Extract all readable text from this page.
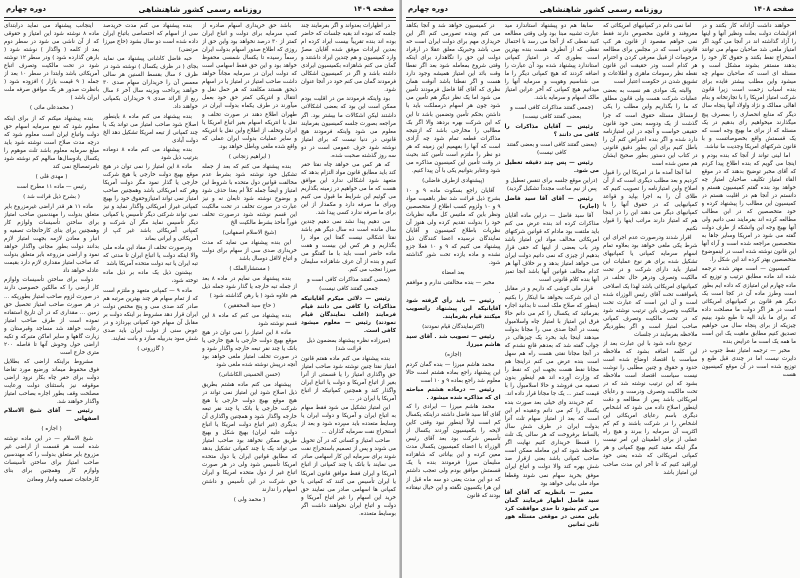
صفحه ۱۴۰۹
روزنامه رسمی کشور شاهنشاهی
دوره چهارم

در اظهارات بعدواند و اگر بفرمایند چند جلسه که نبوده اند بقیه جلسات که حاضر بوده اند بنده تقریباً بیست ایراد کرده ام بعدین ایرادات موفق شده آقایان مصرّ وارد کمیسیون و هم چندین ایراد داشتند و گمان می کنم شاهزاده بکمیسیون ایرادی داشته باشد و اگر در کمیسیون اشکالی فرمودند گمان می کنم خود در آنجا عنوان شود.

بود واینکه فرمودند من در اقلیت بودم ممکن است این بود که بعضی اشکالاتی داشتند لیکن اشکالات ما بیشتر بود. اگر مراجعه بصورت جلسه کمیسیون بفرمایند معلوم می شود واینکه فرمودند هیچ قانونی در دنیا نیست که برای امتیاز نوشته شود حرف عمومی است در دو سه روز گذشته صحبت شده.

که هر کس می خواهد چاه نفتا حفر کند باید مطابق قانون مواد التزام بدهد که متعهد شود اشکالی ندارد این موافق هست که ما می خواهیم در زمینه بگذاریم می گوئیم این شرایط ما قبول می کنیم وبرای ما صرفه دارد و مکمدار از این برای ما صرفه ندارد کسی پیدا شد.

می دهیم پیدا نشد نمی دهیم چندین سال مانده است ده سال دیگر هم باشد نفتا اشکالی نیست گفتا این مواد را بگذاریم و هر کس این بیست و هفت ماده حاضر است باید با ما گفتگو می کنیم و بنده از آن عرف شاهزاده سلیمان میرزا تعجب می کنم.

(بعضی گفتند مذاکرات کافی است و جمعی گفتند کافی نیست)

رئیس — دلائی میکرم آقایانیکه مذاکرات را کافی می دانند قیام فرمایند (اغلب نمایندگان قیام نمودند) رئیس — معلوم میشود کافی است.

(میرزاده نظره پیشنهاد بمضمون ذیل قرائت شد)

بنده پیشنهاد می کنم ماده هفتم قانون امتیاز نفتا چنین نوشته شود صاحب امتیاز حق واگذاری امتیاز را یا قسمتی از آنرا بغیر از اتباع آمریکا و دولت یا اتباع ایران واگذار کند و همچنین کمپانیکه از اتباع آمریکا یا ایران در ...

این امتیاز تشکیل می شود فقط سهام به اتباع ایران و آمریکا و دولت ایران یا وسایط متعدده باید سپرده شود و بعد از استخراج نفت سرمایه گذاران ...

صاحب امتیاز و کسانی که در آن تحویل می شوند و پس از تصمیم باستخراج نفت شوند برای سرمایه این کار اسهامی صادر می نمایند با بانک یا چند کمپانی از اتباع آمریکا و ایران فقط موافق قانون امریکا یا ایران تأسیس می کنند که کمپانی یا کمپانی ها اسهامی صادر می نمایند حق خرید این اسهام را غیر اتباع آمریکا و دولت و اتباع ایران نخواهند داشت اگر بوسایط متعدده.

باشد حق خریداری اسهام صادره از کمپ سرمایه برای دولت و اتباع ایران کمتر از ۳۰ درصد نخواهد بود واین حق از روزی که اطلاع صدور اسهام بدولت ایران رسماً رسیده تا یکسال شمسی محفوظ خواهد بود و این حق فقط اسهامی است که دولت ایران در سرمایه مجاناً خواهد داشت صاحب امتیاز در امتیاز یا در اسهام ذیحق هستند مکلفند که هر حمل نقل و انتقال و انتریکی کمتر حق خود بعمل میآورند در طرف یکماه بدولت ایران در طهران اطلاع دهند در صورت تخلف و نقل یا انتریکه اسهام بغیر اتباع امریکا یا ایران وتخلف از اطلاع واین نقل با انتریکه و سایر عملیات بدولت ایران عملی که واقع شده ملغی وباطل خواهد بود.

( ابراهیم زنجانی )

بنده پیشنهاد می کنم که بعد از جمله تشکیل خود نوشته شود بشرط عدم مخالفت قوانین دول متحده با شروط این امتیاز و ایضاً جمله کلاً ام بعدا حذف شود و بوضوح نوشته شود تابعان نه و نیز عبارت در صورت تخلف در تحت مالکیت این قسم نوشته شود درصورت تخلف فوراً مأخذ بشرط مالکیت الخ

(شیخ الاسلام اصفهانی)

این بنده پیشنهاد می نماید که مدت خریداری صدی سی از سهام برای دولت و اتباع لااقل دوسال باشد

( مستشارالملک )

بنده پیشنهاد می نمایم در ماده ۸ بعد از جمله تبه خارجه یا گذار شود جمله ذیل هم علاوه شود ( با رهن گذاشته شود )

( حاج سید المحققین )

بنده پیشنهاد می کنم که ماده ۸ این قسم نوشته شود

ماده ۸ این امتیاز را نمی توان در هیچ موقع بهیچ دولت خارجی یا هیچ خارجی یا بانک یا چند نفر تبعه خارجه واگذار شود و در صورت تخلف امتیاز ملغی خواهد بود آنچه درپیش نوشته شده ملغی شود

(حسن الحسینی الکاشانی)

پیشنهاد می کنم ماده هشتم بطریق ذیل اصلاح شود این امتیاز نمی تواند در هیچ موقع بهیچ دولت خارجی یا هیچ شرکت خارجی یا بانک یا چند نفر تبعه خارجه واگذار شود و همچنین واگذاری آن بدیگری (غیر اتباع دولت امریکا یا اتباع دولت علیه ایران) بهیچ شکل و بهیچ طریق ممکن نخواهد بود صاحب امتیاز می تواند یک یا چند کمپانی تشکیل بدهد که مطابق قوانین ایران یا دول متحده امریکا تأسیس شود ولی در هر صورت اتباع غیر از دول متحده امریکا و ایران حق شرکت در این تأسیس و داشتن اسهام را ندارند

( محمد ولی )

بنده پیشنهاد می کنم مدت خریدصد سی از اسهام که اختصاصی باتباع ایران داده شده است دو سال بشود (حاج میرزا مرتضی)

حبه فاضل کاشانی پیشنهاد می نماید بجای ( در ظرف یکسال ) نوشته شود در ظرف ۶ سال بقسط السنین هر سالی معمس آن را خریداران سهام صدی ۳۰ خواهند پرداخت وبزینه سال آخر ۶ سال ربع از الرائد صدی ۹ خریداران بکمپانی خواهند داد.

بنده پیشنهاد می کنم ماده ۸ باینطور اصلاح شود صاحب امتیاز می تواند یک یا چند کمپانی از تبعه امریکا تشکیل دهد الخ دولت آبادی

بنده پیشنهاد می کنم ماده ۸ دوماده بترتیب ذیل شود

ماده ۸ این امتیاز را نمی توان در هیچ موقع بهیچ دولت خارجی یا هیچ شرکت خارجی یا گذار نمود مگر دولت آمریکا وهر کنه امریکائی باشد وهمچنین صاحب امتیاز نمی تواند امتیازوحقوق خود را بهیچ کمپانی غیراز امریکائی واگذار نماید و نیز نمی تواند شرکتی دیگر تأسیس یا کمپانی دیگر تأسیس نماید مگر آن شرکت و کمپانی آمریکائی باشد غیر کپ از آمریکائی و ایرانی بماند

ودرصورت تخلف از مفاد این ماده ملی والا اینکه دولت یا اتباع ایران تا مدتی که تبه ایران یا تبه دولت متحده آمریکا باشد

بپشنون ذیل یک ماده بر ذیل ماده توخته شود،

ماده ۹ — کمپانی متعهد و ملتزم است که از تمام سهام هر چند بهترین مرتبه هم صادر کند صدی سی و پنج مختص دولت ایران قرار دهد مشروط بر اینکه دولت بر مقابل آن سهام خود کمپانی بپردازد و در عوض سنی از دولت ایران باید صدی شش سود بدربیله سازد و بانت نمایند.

( گازرونی )

اینجانب پیشنهاد می نماید درابتدای ماده ۸ نوشته شود این امتیاز و حقوقی که از آن ناشی می شود در سطر دوم بعد از کلمه ( واگذار ) نوشته شود ( بارهن گذارده شود ) ودر سطر ۱۲ نوشته شود در تحت مالکیت وتصرف اتباع آمریکائی باشد وابتدا در سطر ۱۰ بعد از جمله ( ۹ قیمت بازار ) افزوده شود ( بانظرت صدور هر یک موافق صرفه ملت ایران باشد )

( محمدعلی مائی )

بنده پیشنهاد میکنم که از برای اینکه معلوم شود که نفع سرمایه اسهام حق دولت واتباع ایران است معلوم شود که درچه مدت صلاح است نوشته شود باید مبلغ سرمایه معلوم باشد تلث موهوم را یکسال یادوسال‌ها سالهم کم نوشته شود تامرتمصالح نمی کند

( مهدی قلی )

رئیس — ماده ۱۱ مطرح است

( بشرح ذیل قرائت شد )

ماده ۱۱ هر قدر اراضی غیرمزروع بایر متعلق بدولت را مهندسین صاحب امتیاز برای ساختن تأسیسات ولوازم کار وهمچنین برای بنای کارخانجات تصفیه و انبار و معادن لازمه بجهت امتیاز لازم بدانند دولت بطور مجانی واگذار خواهد نمود و اراضی مزروعه بایر متعلق بدولت که صاحب امتیاز مقداری لازم دارد بقیمت عادله خواهد داد

دولت برای ساختن تأسیسات ولوازم کار ارضی را که مالکین خصوصی دارند در صورت لزوم صاحب امتیاز بطوریکه ... در هر صورت صاحب امتیاز تحصیل حق زمین ... مقداری که در آن تاریخ استفاده نموده است از طرف صاحب امتیاز رعایت خواهد شد مساجد وقبرستان و زیارت گاهها و سایر اماکن متبرکه و تکیه اراضی حول وحوش آنها تا فاصله ۲۰۰ متری خارج است

مشروط براینکه اراضی که بطلایل فوق محفوظ میماند ورضیع مورد تقاضا دولت برای حفر چاه بکار نرود اراضی موقوفه نیز باستثنای دولت ورعایت مصلحت وقف بطور اجاره بصاحب امتیاز واگذار خواهند شد.

رئیس — آقای شیخ الاسلام اصفهانی

( اجازه )

شیخ الاسلام — در این ماده نوشته شده است هر قسمت از اراضی غیر مزروع بایر متعلق بدولت را که مهندسین صاحب امتیاز برای ساختن تأسیسات ولوازم کار وهمچنین برای بنای کارخانجات تصفیه وانبار ومعادن

صفحه ۱۴۰۸
روزنامه رسمی کشور شاهنشاهی
دوره چهارم

خواهند داشت آزادانه کار بکنند و در افزایشات دولت بعلت ونظیر آنها و اینها را آزاد گذاشته اند در آنجا می گوید اگر امتیاز ملغی شد صاحبان سهام می توانند استخراج نفط بکنند و حقوق کار خود را بدهند مستقر بشوند مشکل است و مسئله ای است که صاحبان سهام چه میشود واین مطلب بیشتر فایده برای بنده اسباب زحمت است زیرا قانون شرکت امتیاز امریکا را با تجارتخانه و بنام اهالی ممالک و نژاد واولاد آنها پنجاه سال دیگر که منابع انحصاری را بمصرف پیچ میگذارند میخواهیم رأی بدهیم در یک مسئله که از برای ما بهیچ وجه است که یک قسمتش واقع بخصوصاتست و با قانون شرکتهای امریکا وجدیت ما نباشد.

اما لینی تواند از آنجا که بنده بودم و اینجا می گویم که بنده اطلاع پیدا کردم که آقای مخبر توضیح بدهند که در موقع القاء امتیاز تکلیف صاحبان امتیاز چه خواهد بود بنده گفتم کمیسیون هستم و دانستم در آنجا هم در اقلیت هستم در کمیسیون این مطالب را پیشنهاد کرده و خود متخصصین که در این مطالب مطالعه کرده اند بفرمایند نمی دانیم ولی آنها بهیچ وجه این وانشکه از طرف دولت گفته می شود در امریکا وسایر جاها به متخصصین مراجعه شده است و آراء آنها این قانون نوشته شده است در اینموضوع متخصصین بهتر کرده اند این شکل را.

کمیسیون — است مهتر شده ترجمه شده اند ماده مطابق ترتیب و توزیع که ماده چهارم این امتیازی که داده ایم بطور است وطرز ماده آن در کجا است یک دیگر هم قانون بر کمپانیهای امریکائی است در هر اگر دولت ما مصلحت داده که برای ما باید الیه تا طبع شود بینیم چیزیکه از برای پنجاه سال می خواهیم تصدیق کنیم مطابق ماهیت یک این است ما همه یک است ما عرایض بنده

مخبر — ترجمه امتیاز نفط جنوب در دایرت نیست اما در چندی قبل طبع و توزیع شده است در آن موقع کمیسیون هست

اما نمی دانم در کمپانیهای امریکائی که معروفند و قانون مخصوص دارند فقط نمی خواهم مقصود از قانون هر کپ قانونی است که در مجلس برای مطالعه مرحومات از قبیل معرفی کردن و احترام هر کدام است ودر حقیقت این قانون نقطه نظر رسومات ماهری و اطلاعات و تشویق شدن در حکومت اعتبار است

والبته یک موادی هم نسبت به بعضی عملیات شرکت هست ولی قانون مطلق که ما را بگذاریم واین مطلب را یکی ازمسائل مسئله حقوق است که چرا گذشت از یک ودوسه بعنی خود قانون حقیقی خواست و آنچه در این امتیازنامه دارد شده و اگر بنده اعتراض کنم آن را باطل کنیم برای این بطور دقیق قانونی در کتاب این دستور بطور صحیح ایشان هم معین شده است

اما آنجا آمده ما در امریکا این را قبول کردیم و بعد مطلب دیگری است که از آن اصلاح واین امتیازنامه را تصویب کنیم که طلای آن را به اجرا بپاید و قواعد کمپانیهایی که در حقوق آنها را با کمپانیهای دیگر می دهند این را در اینجا هم که امتیاز دارند مراتب اینها را قبول نکنیم

اقرار شدند ودرصورت عدم اجرای این شرط یکی ملغی خواهد بود بعلاوه تمام اسهام سرمایه کمپانی یا کمپانیهای تشکیل شده برای هر نوع عملیات این امتیاز باید دارای شرکت و در تحت مالکیت وتصرف ودرهر حال تخلف در کمپانیهای امریکائی باشد لهذا یک اصلاحی یاموافقت تحت آقای رئیس الوزراء شده است و آن این است که عبارت تحت مالکیت وتصرف باین ترتیب نوشته شود که در تحت مالکیت وتصرف کمپانی صاحب امتیاز است و اگر بطوردیگر ملاحظه بفرمایند در جلسات

ترجیح داده شود با این عبارت بعد از این کلمه اضافه بشود که ملاحظه سیاست یا اقتصاد اوضاع شده است حدود و حقوق و چنین مطلبی را نوشت نیست سیاست اقتصاد است ملاحظه بشود که این ترتیب نوشته شد که در تحت مالکیت وتصرف ودرست و رعایای امریکائی باشد پس از مطالعه و دقت اینطور اصلاح داده می شود که اشخاص دیگری باسم رعایای امریکائی این اشخاص را در شرکت باشند و کم کم اکثریت آن سرمایه را ببرند و هیچ راه عملی از برای اطمینان این امر نیست مگر اینکه مقید کنیم بهیچ کمپانی و هر کمپانی امریکائی که شده یعنی خود اوراقید کنیم که تا آخر این مدت صاحب این امتیاز باشد

سابقا هم دو پیشنهاد استاندارد مید عبارت تشبیه مبنا بود ولی وقتی مطالعه کنید نفطی که از آنجا می رسد با احتمال نفطی که از آنطرف هست بنده بهترین است بطوری که در امتیاز کمپانی استاندارد پیشنهاد شده بود آن عبارت را اضافه کردند که هیچ کمپانی دیگر را ما می شناسیم وهویت و سرمایه آنها را میدانیم هیچ کمپانی که آخر عراین امتیاز مالک اسهام و سرمایه باشد.

(جمعی گفتند مذاکرات کافی است و بعضی گفتند کافی نیست)

رئیس — آقایان مذاکرات را کافی می دانند ؟

(بعضی گفتند کافی است و بعضی گفتند کافی نیست)

رئیس — پس چند دقیقه تعطیل می شود.

(دراین موقع جلسه برای تنفس تعطیل و پس از نیم ساعت مجدداً تشکیل گردید)

رئیس — آقای آقا سید فاضل (اجازه)

آقا سید فاضل — دراین ماده آقایان مذاکرات کرده اند بنده عرض می کنم باید ملتفت بود مادام که قوانین شرکتهای امریکائی مخالف مواد این امتیاز باشد ودر باب بعضی از اینها که حقی قرار بدهیم از چیزی که نمی دانیم دولت ایران می خواهد امتیاز بدهد و بر خلاف آنها هر کدام مخالف قوانین آنها باشد آنجا تمیز آنها بنده کلام قانونی است

قرار ملی کوشی که داریم و در مقابل آن این شرکت بخواهد ما اینکار را بکنیم اینطور که صلاح ملک است تا بدانید اجازه بفرمائید که یکسال را کم می دانم حالا فرق این امتیاز با امتیاز چاه واسلامبول یست در آنجا صدی سی را مجانا بدولت میدهند اینجا باید بخرد یک چیزهائی در جواب گفته شد که بعدهم قانع نشدم که در آنجا مجانا نفتی هست راه هم سهل است بنده عرض می کنم دراینجا هم مجانا نفط هست بجهت این که نفط را که وزارت آورده اند هم اینطور بدون تصفیه می فروشد و حالا اسلامبول را با قیمت کمتر ... یک جا مجانا قرار داده اند.

کم خریدند وای خیلی بعد صورت بنده یکسال را کم می دانم وعقیده ام این است که بعد از امتیاز سهام تلث آنرا بدولت ایران در ظرف شش سال بالساط برفروخت که هر سالی یک تلث را قسطا خریداری کنیم نهایت اگر ملاحظه شود که این معامله ممکن است صاحب کمپانی باشد بعنی ازقرار صد شش بهره کند والا دولت و اتباع ایران موفق بخرید سهام نمی شوند وقطعا مواد ملی بیانی خواهد بود

مخبر — بانظریه که آقای آقا سید فاضل اظهار فرمایند گمان می کنم بشود تا حدی موافقت کرد باین معنی در موقعی مسئله هور ثانی ثمانین

در کمیسیون خواهد شد و آنجا بکاهد می کنم وینده تصورمی کنم اگر این خریداری مهم برای دولت ایران است حه صی باشد وحبریک معلق عقلا در ارقراد دولت این حق را نگاهدارد برای اینکه وقتی شروع بمعامله شود بعد اگر نفطا وقت بائد این امتیاز همیشه وجود دارد هست و اگر نفطتا باشد آنوقت همان نظری که آقای آقا فاضل فرمودند تأمین می شود اما یک نظر دیگر هم تأمین می شود چون هر اسهام درمملکت باید با داشتن بحکم تأمین وتضمین باشد تا این که این شرکت بهره بردهد والا اگر بک مطالبی را مخارجی باشد که ازنتیجه مذاکرات قطعه تمام شود چه آزادی است که آنها را بفهمیم این زمینه که هر دو نظر را ملتزم است تأمین کند بحیث در وقت تأمین این کمیسیون مذاکره می شود وعتابر بتوانیم یکی با آن پیدا کنیم.

(پیشنهادی ازطرف فاضلی)

آقایان راجع بسکوت ماده ۹ و ۱۰ بشرح ذیل قرائت شد نظر باهمیت مواد ۹ و ۱۰ ولزوم کسب اطلاع از متخصصین ونظر باین که ملتیس کل مالیه نظریات خود را بدولت تقدیم کرده ولی هنوز آن نظریات باطلاع کمیسیون و آقایان نمایندگان نرسیده اعضا کنندگان ذیل پیشنهاد می کنیم که ۹ و ۱۰ فعلا جزو نشده و ماده یازده تحت شور گذاشته شود.

بعد امضاء

مخبر — بنده مخالفتی ندارم و موافقم .

رئیس — باید رأی گرفته شود آقایانیکه این پیشنهاد راتصویب میکنند قیام بفرمایند.

(اکثرنمایندگان قیام نمودند)

رئیس — تصویب شد . آقای سید هاشم میرزا.

(اجازه)

محمد هاشم میرزا — بنده گمان کردم این پیشنهاد راجع بماده هشتم است حالا معلوم شد راجع بماده ۹ و ۱۰ است

رئیس — درماده هشتم مباحثه ای که مذاکره شده میشود .

محمد هاشم میرزا — ایرادی را که آقای آقا سید فاضل داشته دراینکه یکسال کم است اولاً اینطور نبود وقتی کاین لایحه را بکمیسیون آوردند یکسال از تأسیس شرکت بود بعد آقای رئیس الوزراء با اعضاء کمیسیون یکسال مدت معین کرده و این بیاناتی که شاهزاده سلیمان میرزا فرمودند بنده با یک قسمتش موافق بودم ولی تعجب داشتم که دو این مدت یعنی دو سه ماه قبل از این هرا یکسیون نگفته و این خیال نیفتاده بودند که قانون
